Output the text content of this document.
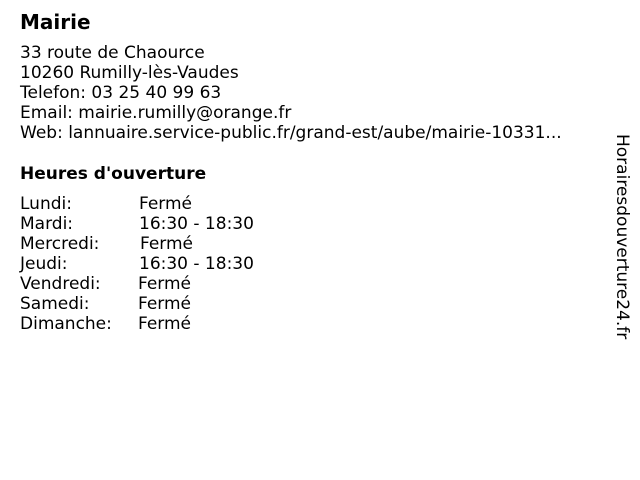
Mairie
33 route de Chaource
10260 Rumilly-lès-Vaudes
Telefon: 03 25 40 99 63
Email: mairie.rumilly@orange.fr
Web: lannuaire.service-public.fr/grand-est/aube/mairie-10331...
Heures d'ouverture
Lundi:	Fermé
Mardi:	16:30 - 18:30
Mercredi: Fermé
Jeudi:	16:30 - 18:30
Vendredi: Fermé
Samedi:	Fermé
Dimanche: Fermé	Horairesdouverture24.fr
